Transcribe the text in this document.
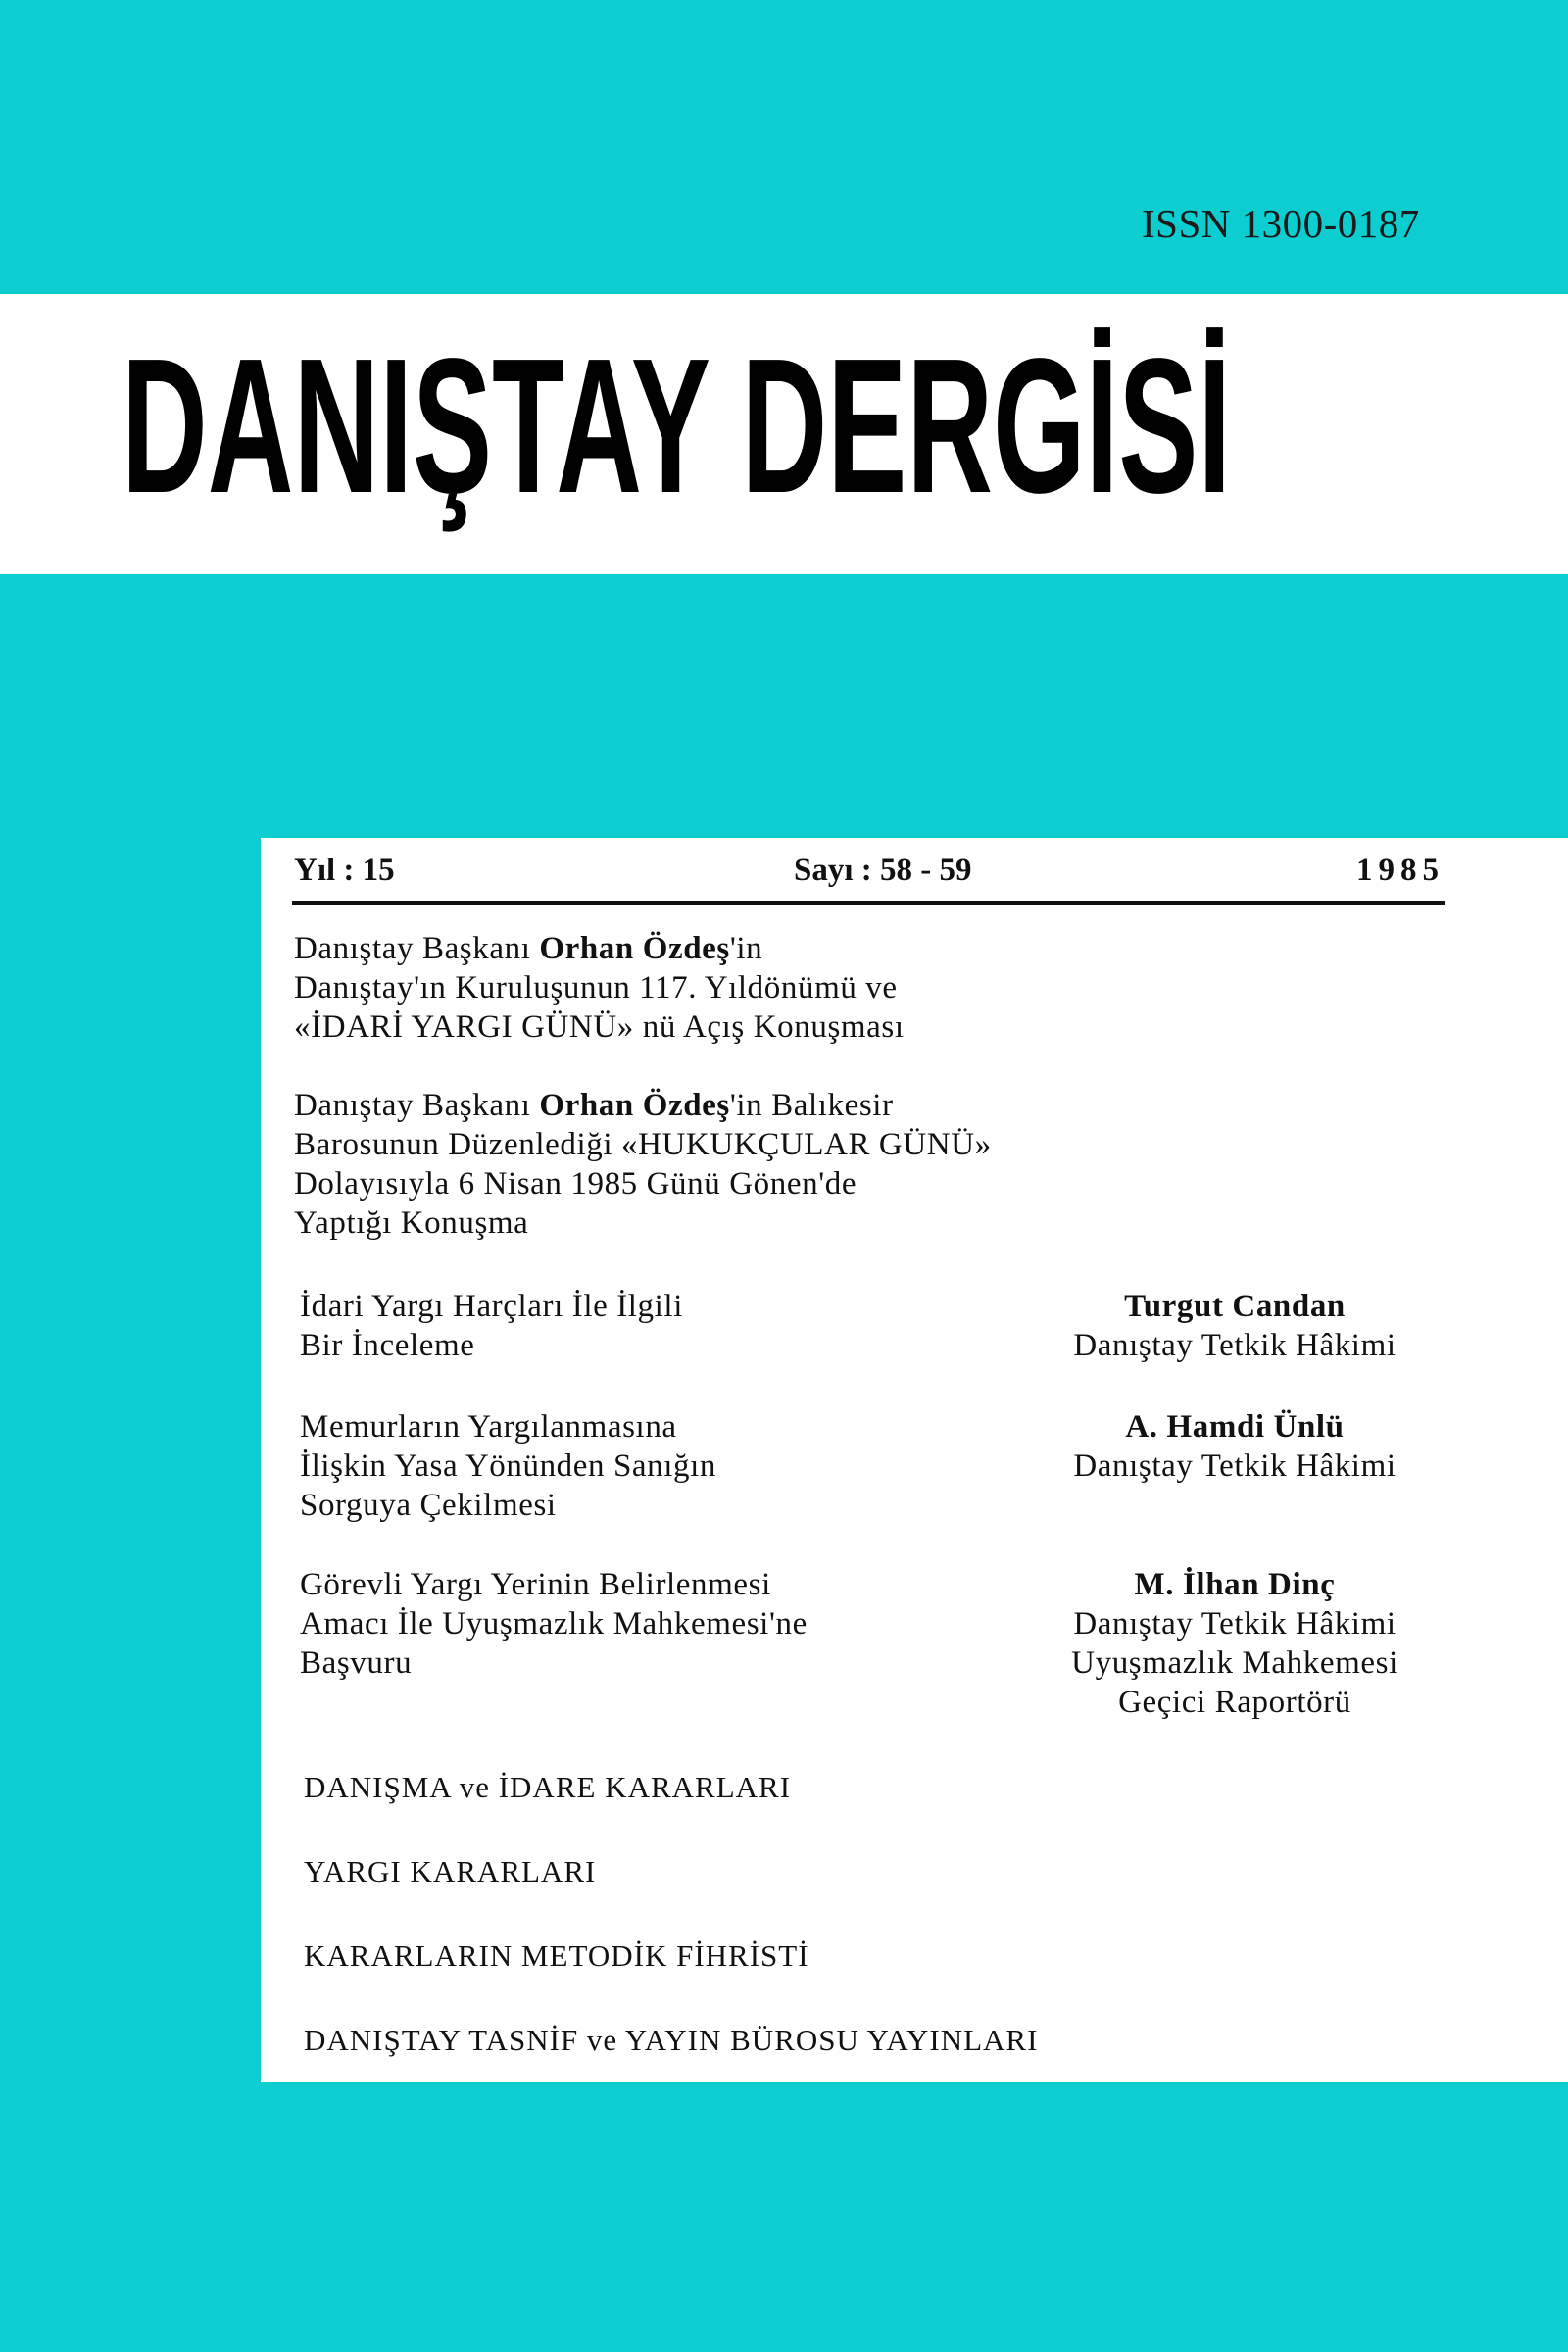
ISSN 1300-0187
DANIŞTAY DERGİSİ
Yıl : 15	Sayı : 58 - 59	1985
Danıştay Başkanı Orhan Özdeş'in
Danıştay'ın Kuruluşunun 117. Yıldönümü ve
«İDARİ YARGI GÜNÜ» nü Açış Konuşması
Danıştay Başkanı Orhan Özdeş'in Balıkesir
Barosunun Düzenlediği «HUKUKÇULAR GÜNÜ»
Dolayısıyla 6 Nisan 1985 Günü Gönen'de
Yaptığı Konuşma
İdari Yargı Harçları İle İlgili
Bir İnceleme
Turgut Candan
Danıştay Tetkik Hâkimi
Memurların Yargılanmasına
İlişkin Yasa Yönünden Sanığın
Sorguya Çekilmesi
A. Hamdi Ünlü
Danıştay Tetkik Hâkimi
Görevli Yargı Yerinin Belirlenmesi
Amacı İle Uyuşmazlık Mahkemesi'ne
Başvuru
M. İlhan Dinç
Danıştay Tetkik Hâkimi
Uyuşmazlık Mahkemesi
Geçici Raportörü
DANIŞMA ve İDARE KARARLARI
YARGI KARARLARI
KARARLARIN METODİK FİHRİSTİ
DANIŞTAY TASNİF ve YAYIN BÜROSU YAYINLARI
